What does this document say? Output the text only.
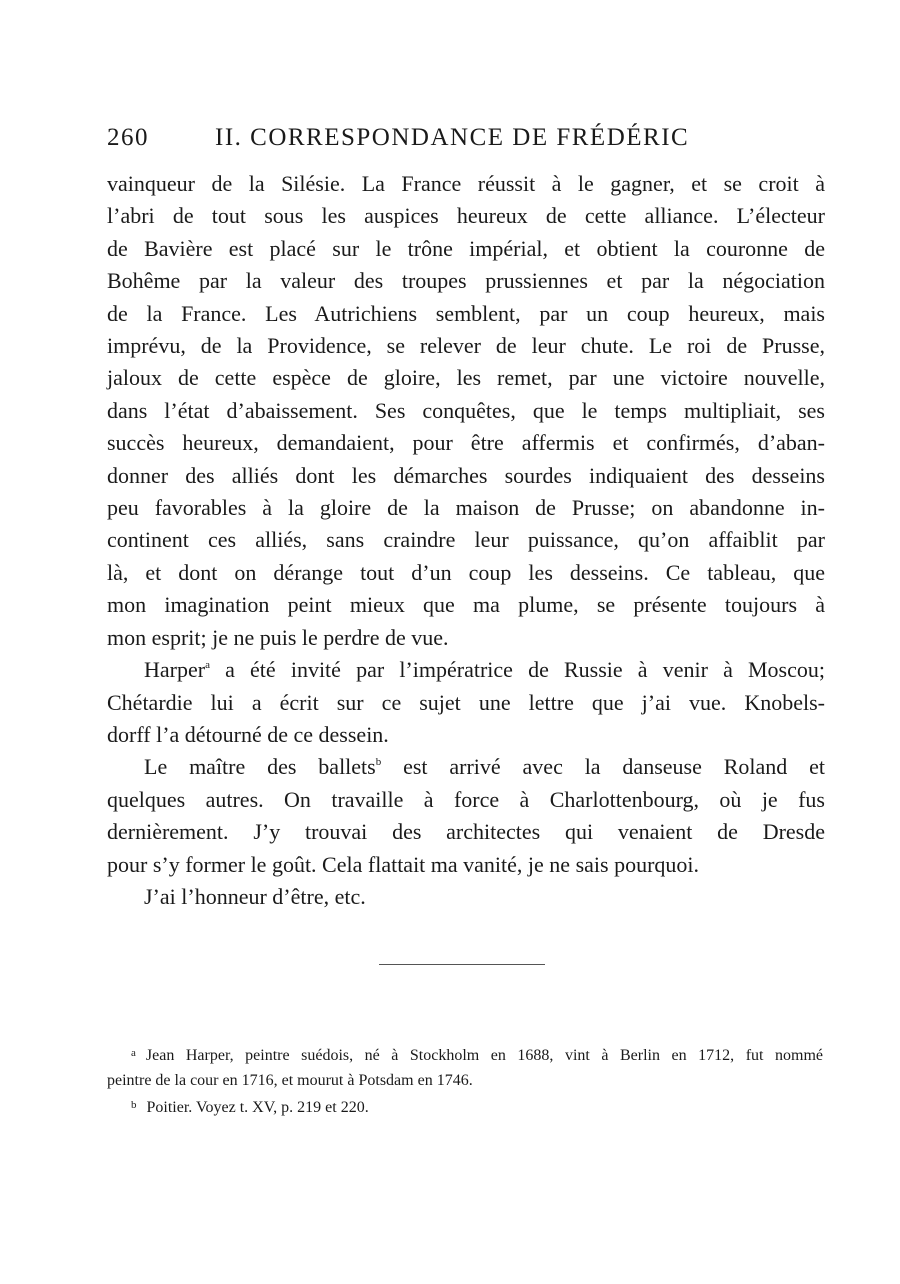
260	II. CORRESPONDANCE DE FRÉDÉRIC
vainqueur de la Silésie. La France réussit à le gagner, et se croit à
l’abri de tout sous les auspices heureux de cette alliance. L’électeur
de Bavière est placé sur le trône impérial, et obtient la couronne de
Bohême par la valeur des troupes prussiennes et par la négociation
de la France. Les Autrichiens semblent, par un coup heureux, mais
imprévu, de la Providence, se relever de leur chute. Le roi de Prusse,
jaloux de cette espèce de gloire, les remet, par une victoire nouvelle,
dans l’état d’abaissement. Ses conquêtes, que le temps multipliait, ses
succès heureux, demandaient, pour être affermis et confirmés, d’aban-
donner des alliés dont les démarches sourdes indiquaient des desseins
peu favorables à la gloire de la maison de Prusse; on abandonne in-
continent ces alliés, sans craindre leur puissance, qu’on affaiblit par
là, et dont on dérange tout d’un coup les desseins. Ce tableau, que
mon imagination peint mieux que ma plume, se présente toujours à
mon esprit; je ne puis le perdre de vue.
Harper$^a$ a été invité par l’impératrice de Russie à venir à Moscou;
Chétardie lui a écrit sur ce sujet une lettre que j’ai vue. Knobels-
dorff l’a détourné de ce dessein.
Le maître des ballets$^b$ est arrivé avec la danseuse Roland et
quelques autres. On travaille à force à Charlottenbourg, où je fus
dernièrement. J’y trouvai des architectes qui venaient de Dresde
pour s’y former le goût. Cela flattait ma vanité, je ne sais pourquoi.
J’ai l’honneur d’être, etc.
$^a$ Jean Harper, peintre suédois, né à Stockholm en 1688, vint à Berlin en 1712, fut nommé
peintre de la cour en 1716, et mourut à Potsdam en 1746.
$^b$ Poitier. Voyez t. XV, p. 219 et 220.
